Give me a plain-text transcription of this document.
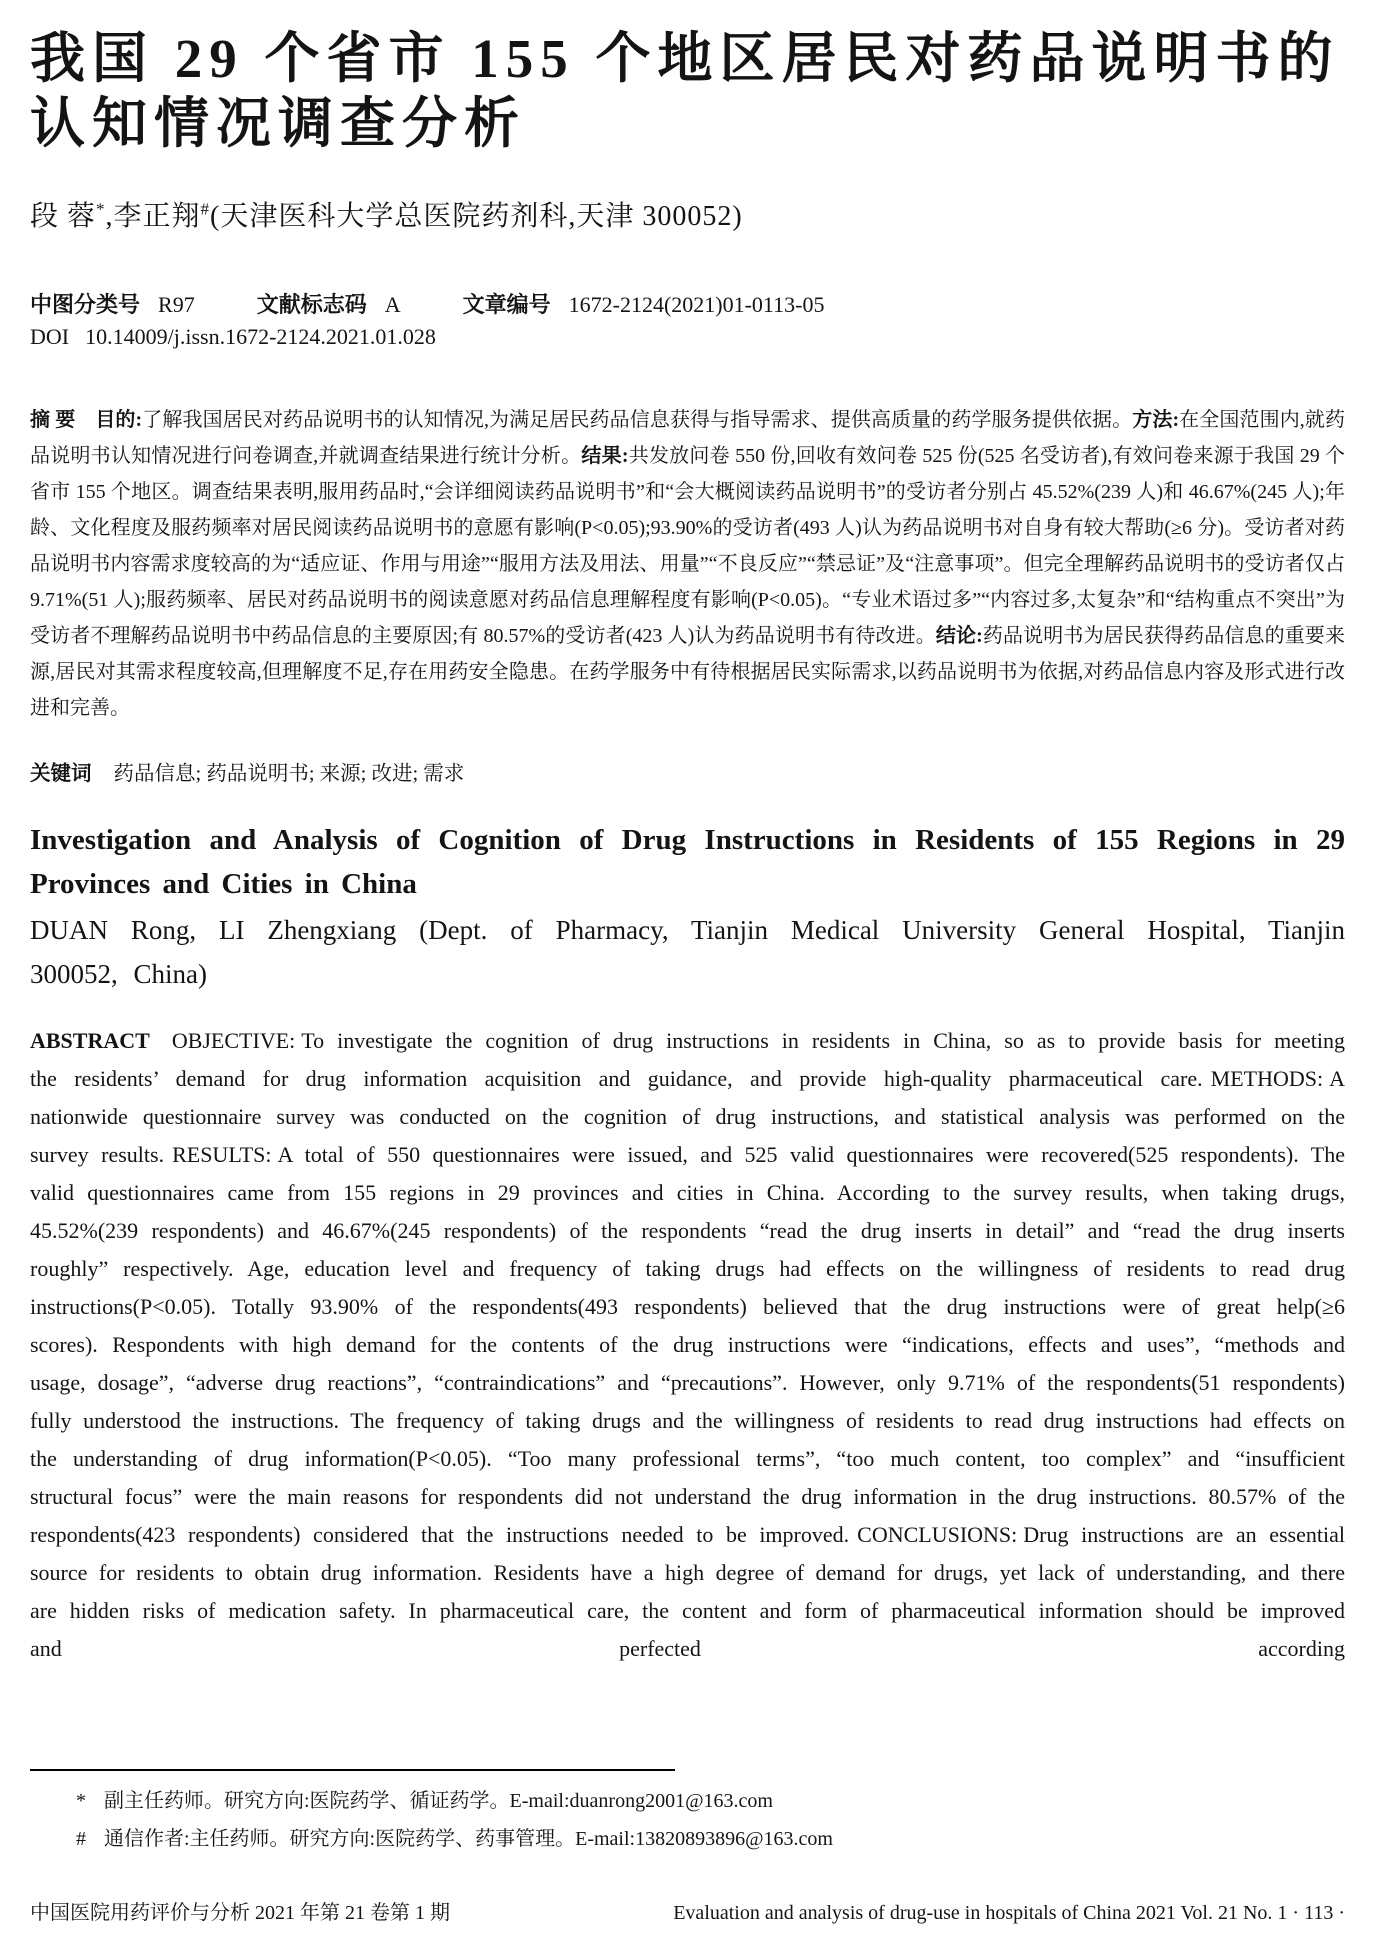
我国 29 个省市 155 个地区居民对药品说明书的
认知情况调查分析
段 蓉*,李正翔#(天津医科大学总医院药剂科,天津 300052)
中图分类号 R97	文献标志码 A	文章编号 1672-2124(2021)01-0113-05
DOI 10.14009/j.issn.1672-2124.2021.01.028

摘 要 目的:了解我国居民对药品说明书的认知情况,为满足居民药品信息获得与指导需求、提供高质量的药学服务提供依据。方法:在全国范围内,就药品说明书认知情况进行问卷调查,并就调查结果进行统计分析。结果:共发放问卷 550 份,回收有效问卷 525 份(525 名受访者),有效问卷来源于我国 29 个省市 155 个地区。调查结果表明,服用药品时,“会详细阅读药品说明书”和“会大概阅读药品说明书”的受访者分别占 45.52%(239 人)和 46.67%(245 人);年龄、文化程度及服药频率对居民阅读药品说明书的意愿有影响(P<0.05);93.90%的受访者(493 人)认为药品说明书对自身有较大帮助(≥6 分)。受访者对药品说明书内容需求度较高的为“适应证、作用与用途”“服用方法及用法、用量”“不良反应”“禁忌证”及“注意事项”。但完全理解药品说明书的受访者仅占 9.71%(51 人);服药频率、居民对药品说明书的阅读意愿对药品信息理解程度有影响(P<0.05)。“专业术语过多”“内容过多,太复杂”和“结构重点不突出”为受访者不理解药品说明书中药品信息的主要原因;有 80.57%的受访者(423 人)认为药品说明书有待改进。结论:药品说明书为居民获得药品信息的重要来源,居民对其需求程度较高,但理解度不足,存在用药安全隐患。在药学服务中有待根据居民实际需求,以药品说明书为依据,对药品信息内容及形式进行改进和完善。

关键词 药品信息; 药品说明书; 来源; 改进; 需求
Investigation and Analysis of Cognition of Drug Instructions in Residents of 155 Regions in 29 Provinces and Cities in China
DUAN Rong, LI Zhengxiang (Dept. of Pharmacy, Tianjin Medical University General Hospital, Tianjin 300052, China)

ABSTRACT OBJECTIVE: To investigate the cognition of drug instructions in residents in China, so as to provide basis for meeting the residents’ demand for drug information acquisition and guidance, and provide high-quality pharmaceutical care. METHODS: A nationwide questionnaire survey was conducted on the cognition of drug instructions, and statistical analysis was performed on the survey results. RESULTS: A total of 550 questionnaires were issued, and 525 valid questionnaires were recovered(525 respondents). The valid questionnaires came from 155 regions in 29 provinces and cities in China. According to the survey results, when taking drugs, 45.52%(239 respondents) and 46.67%(245 respondents) of the respondents “read the drug inserts in detail” and “read the drug inserts roughly” respectively. Age, education level and frequency of taking drugs had effects on the willingness of residents to read drug instructions(P<0.05). Totally 93.90% of the respondents(493 respondents) believed that the drug instructions were of great help(≥6 scores). Respondents with high demand for the contents of the drug instructions were “indications, effects and uses”, “methods and usage, dosage”, “adverse drug reactions”, “contraindications” and “precautions”. However, only 9.71% of the respondents(51 respondents) fully understood the instructions. The frequency of taking drugs and the willingness of residents to read drug instructions had effects on the understanding of drug information(P<0.05). “Too many professional terms”, “too much content, too complex” and “insufficient structural focus” were the main reasons for respondents did not understand the drug information in the drug instructions. 80.57% of the respondents(423 respondents) considered that the instructions needed to be improved. CONCLUSIONS: Drug instructions are an essential source for residents to obtain drug information. Residents have a high degree of demand for drugs, yet lack of understanding, and there are hidden risks of medication safety. In pharmaceutical care, the content and form of pharmaceutical information should be improved and perfected according

* 副主任药师。研究方向:医院药学、循证药学。E-mail:duanrong2001@163.com
# 通信作者:主任药师。研究方向:医院药学、药事管理。E-mail:13820893896@163.com
中国医院用药评价与分析 2021 年第 21 卷第 1 期	Evaluation and analysis of drug-use in hospitals of China 2021 Vol. 21 No. 1 · 113 ·
